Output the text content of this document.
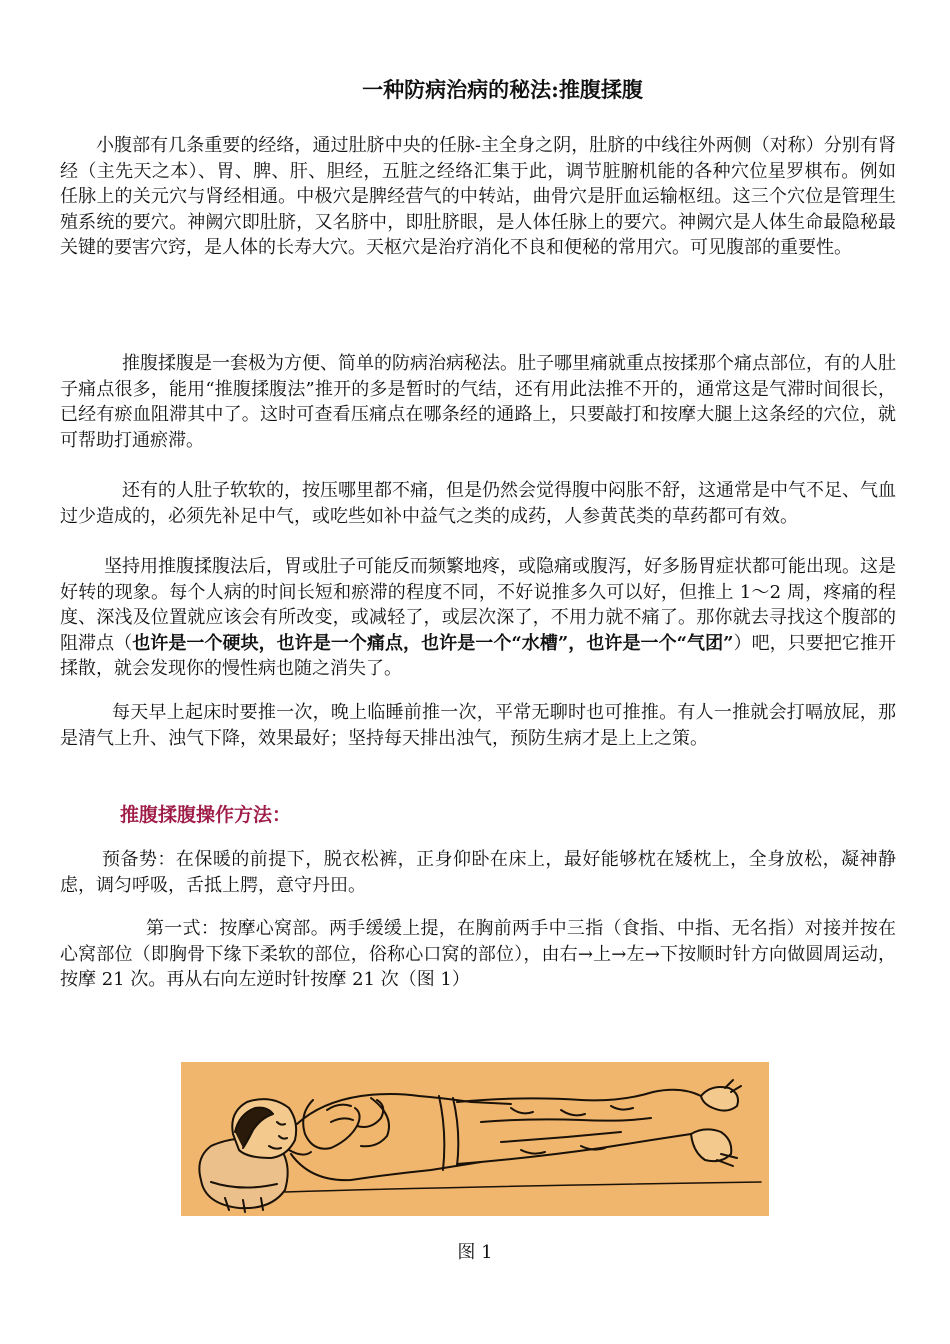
一种防病治病的秘法:推腹揉腹

小腹部有几条重要的经络，通过肚脐中央的任脉-主全身之阴，肚脐的中线往外两侧（对称）分别有肾经（主先天之本）、胃、脾、肝、胆经，五脏之经络汇集于此，调节脏腑机能的各种穴位星罗棋布。例如任脉上的关元穴与肾经相通。中极穴是脾经营气的中转站，曲骨穴是肝血运输枢纽。这三个穴位是管理生殖系统的要穴。神阙穴即肚脐，又名脐中，即肚脐眼，是人体任脉上的要穴。神阙穴是人体生命最隐秘最关键的要害穴窍，是人体的长寿大穴。天枢穴是治疗消化不良和便秘的常用穴。可见腹部的重要性。

推腹揉腹是一套极为方便、简单的防病治病秘法。肚子哪里痛就重点按揉那个痛点部位，有的人肚子痛点很多，能用“推腹揉腹法”推开的多是暂时的气结，还有用此法推不开的，通常这是气滞时间很长，已经有瘀血阻滞其中了。这时可查看压痛点在哪条经的通路上，只要敲打和按摩大腿上这条经的穴位，就可帮助打通瘀滞。

还有的人肚子软软的，按压哪里都不痛，但是仍然会觉得腹中闷胀不舒，这通常是中气不足、气血过少造成的，必须先补足中气，或吃些如补中益气之类的成药，人参黄芪类的草药都可有效。

坚持用推腹揉腹法后，胃或肚子可能反而频繁地疼，或隐痛或腹泻，好多肠胃症状都可能出现。这是好转的现象。每个人病的时间长短和瘀滞的程度不同，不好说推多久可以好，但推上 1～2 周，疼痛的程度、深浅及位置就应该会有所改变，或减轻了，或层次深了，不用力就不痛了。那你就去寻找这个腹部的阻滞点（也许是一个硬块，也许是一个痛点，也许是一个“水槽”，也许是一个“气团”）吧，只要把它推开揉散，就会发现你的慢性病也随之消失了。

每天早上起床时要推一次，晚上临睡前推一次，平常无聊时也可推推。有人一推就会打嗝放屁，那是清气上升、浊气下降，效果最好；坚持每天排出浊气，预防生病才是上上之策。

推腹揉腹操作方法：

预备势：在保暖的前提下，脱衣松裤，正身仰卧在床上，最好能够枕在矮枕上，全身放松，凝神静虑，调匀呼吸，舌抵上腭，意守丹田。

第一式：按摩心窝部。两手缓缓上提，在胸前两手中三指（食指、中指、无名指）对接并按在心窝部位（即胸骨下缘下柔软的部位，俗称心口窝的部位），由右→上→左→下按顺时针方向做圆周运动，按摩 21 次。再从右向左逆时针按摩 21 次（图 1）

图 1
